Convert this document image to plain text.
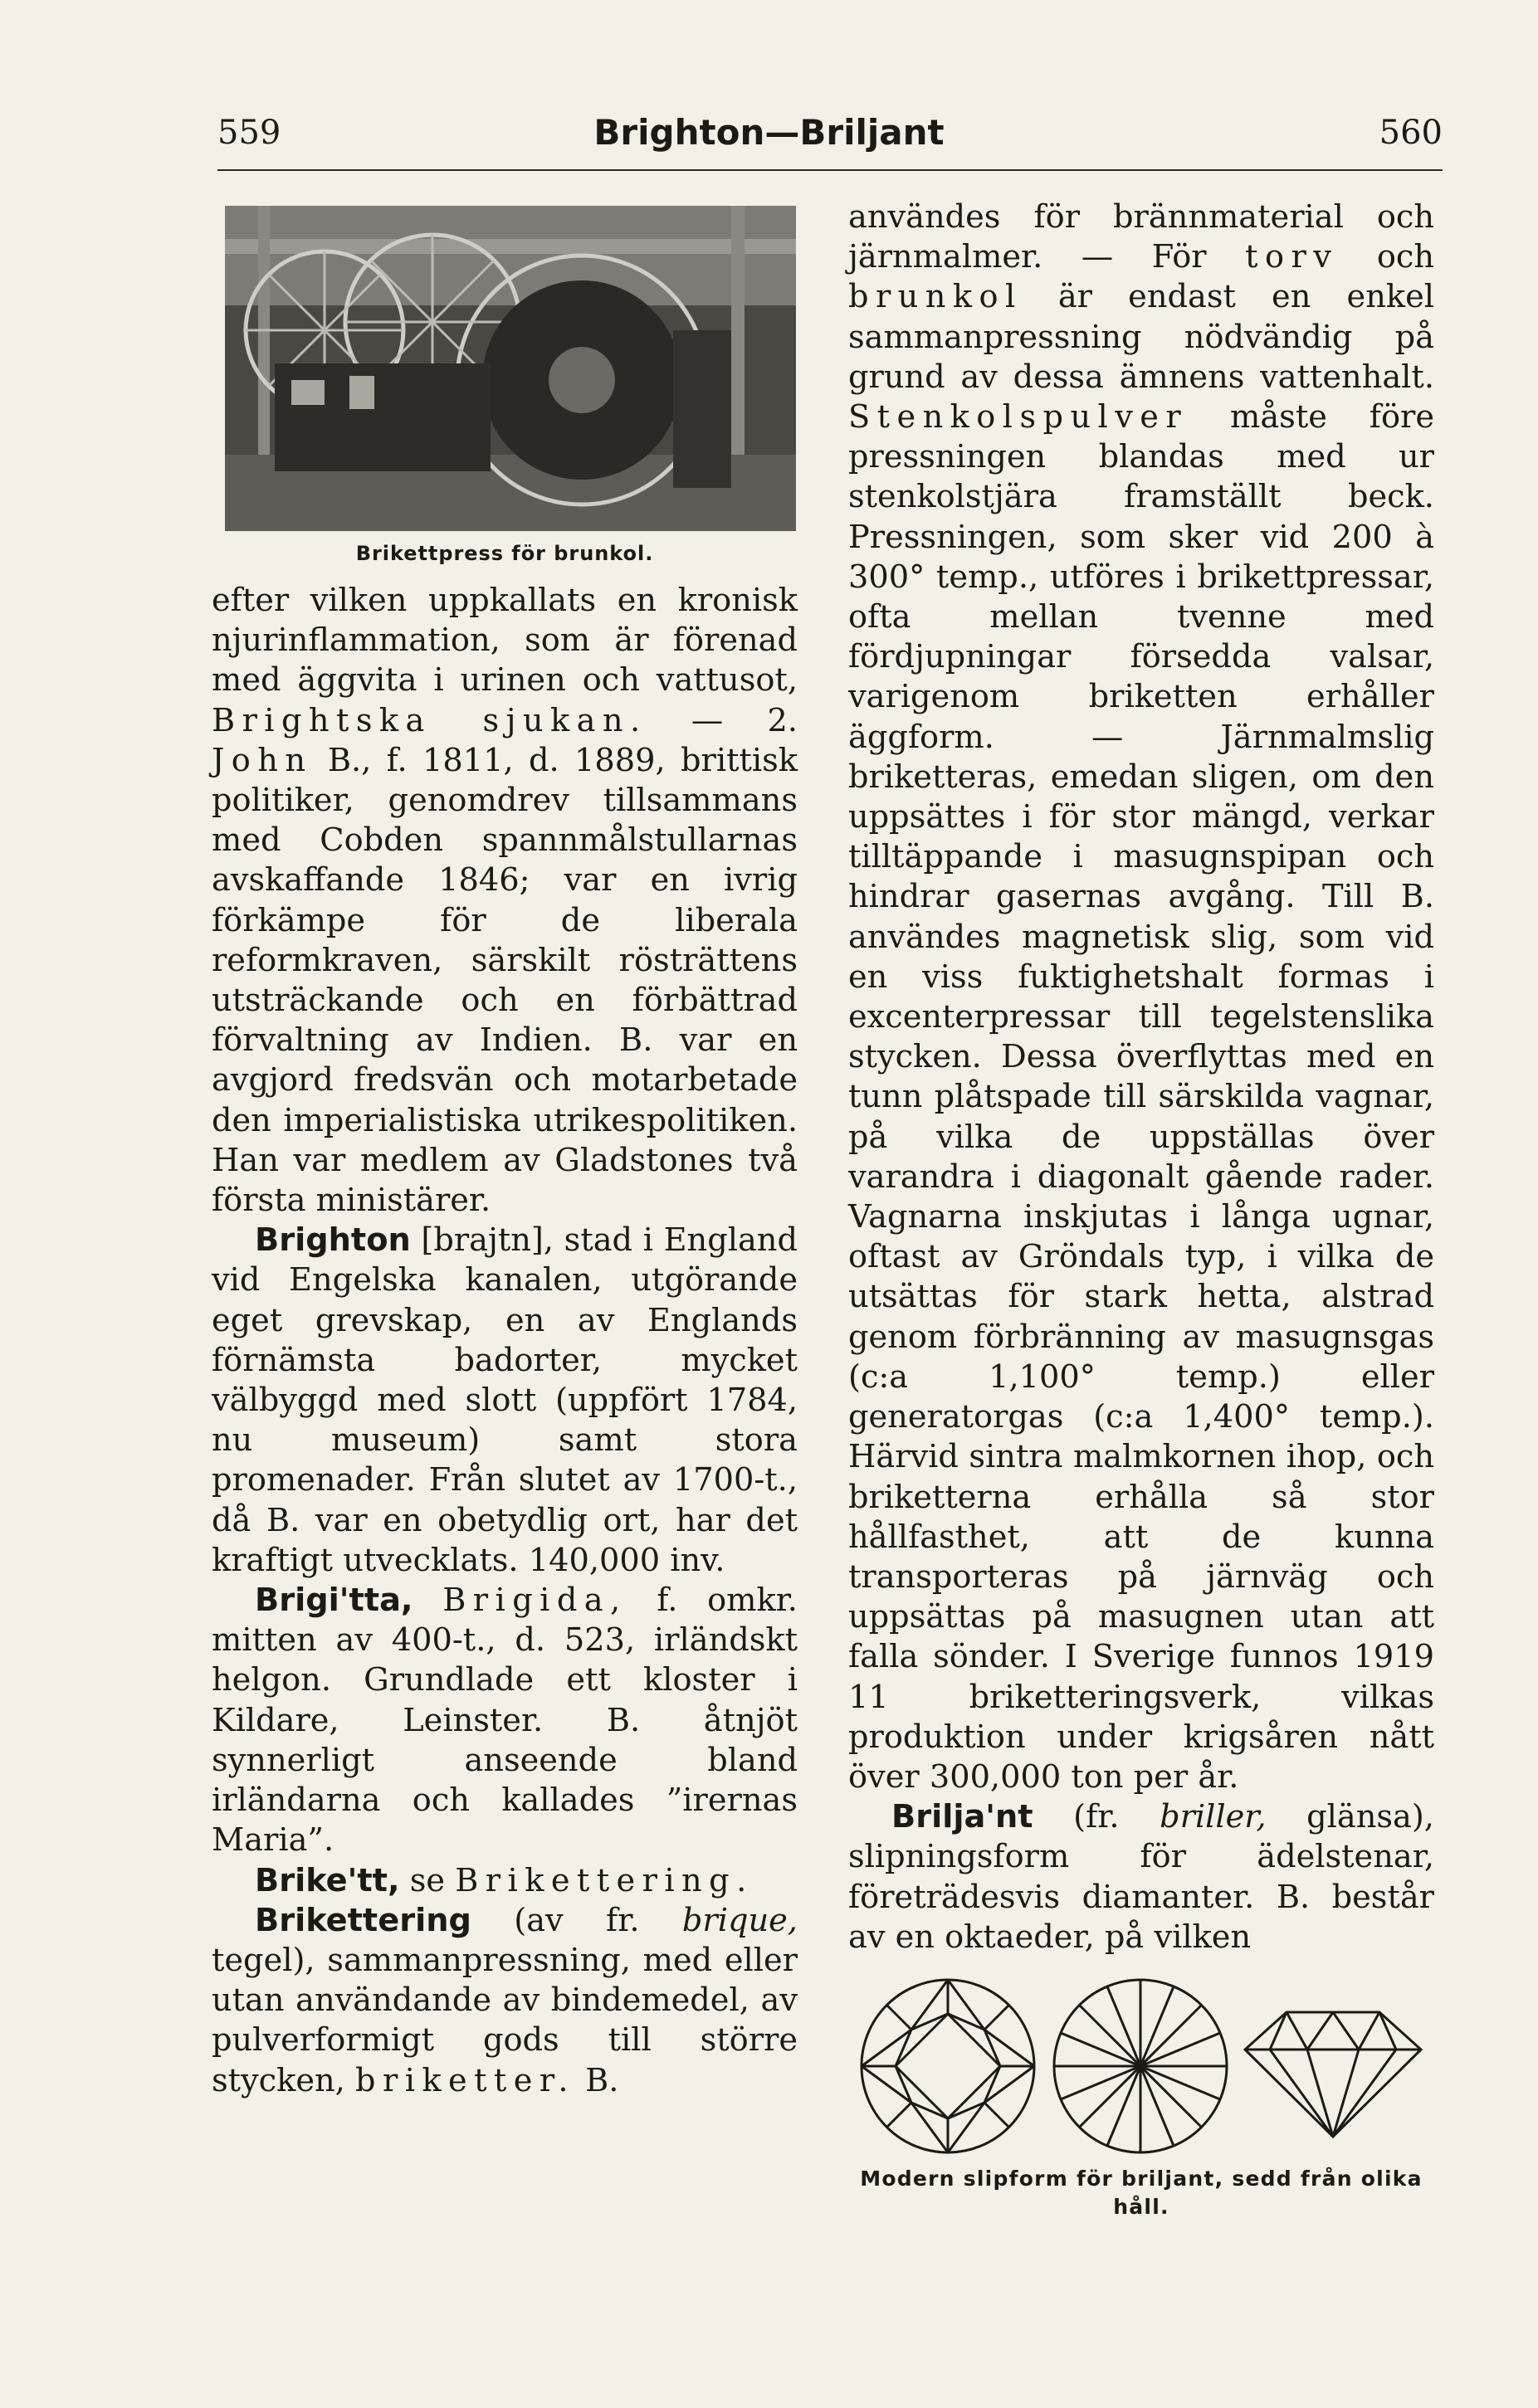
559	Brighton—Briljant	560
Brikettpress för brunkol.

efter vilken uppkallats en kronisk njurinflammation, som är förenad med äggvita i urinen och vattusot, Brightska sjukan. — 2. John B., f. 1811, d. 1889, brittisk politiker, genomdrev tillsammans med Cobden spannmålstullarnas avskaffande 1846; var en ivrig förkämpe för de liberala reformkraven, särskilt rösträttens utsträckande och en förbättrad förvaltning av Indien. B. var en avgjord fredsvän och motarbetade den imperialistiska utrikespolitiken. Han var medlem av Gladstones två första ministärer.

Brighton [brajtn], stad i England vid Engelska kanalen, utgörande eget grevskap, en av Englands förnämsta badorter, mycket välbyggd med slott (uppfört 1784, nu museum) samt stora promenader. Från slutet av 1700-t., då B. var en obetydlig ort, har det kraftigt utvecklats. 140,000 inv.

Brigi'tta, Brigida, f. omkr. mitten av 400-t., d. 523, irländskt helgon. Grundlade ett kloster i Kildare, Leinster. B. åtnjöt synnerligt anseende bland irländarna och kallades ”irernas Maria”.

Brike'tt, se Brikettering.

Brikettering (av fr. brique, tegel), sammanpressning, med eller utan användande av bindemedel, av pulverformigt gods till större stycken, briketter. B.

användes för brännmaterial och järnmalmer. — För torv och brunkol är endast en enkel sammanpressning nödvändig på grund av dessa ämnens vattenhalt. Stenkolspulver måste före pressningen blandas med ur stenkolstjära framställt beck. Pressningen, som sker vid 200 à 300° temp., utföres i brikettpressar, ofta mellan tvenne med fördjupningar försedda valsar, varigenom briketten erhåller äggform. — Järnmalmslig briketteras, emedan sligen, om den uppsättes i för stor mängd, verkar tilltäppande i masugnspipan och hindrar gasernas avgång. Till B. användes magnetisk slig, som vid en viss fuktighetshalt formas i excenterpressar till tegelstenslika stycken. Dessa överflyttas med en tunn plåtspade till särskilda vagnar, på vilka de uppställas över varandra i diagonalt gående rader. Vagnarna inskjutas i långa ugnar, oftast av Gröndals typ, i vilka de utsättas för stark hetta, alstrad genom förbränning av masugnsgas (c:a 1,100° temp.) eller generatorgas (c:a 1,400° temp.). Härvid sintra malmkornen ihop, och briketterna erhålla så stor hållfasthet, att de kunna transporteras på järnväg och uppsättas på masugnen utan att falla sönder. I Sverige funnos 1919 11 briketteringsverk, vilkas produktion under krigsåren nått över 300,000 ton per år.

Brilja'nt (fr. briller, glänsa), slipningsform för ädelstenar, företrädesvis diamanter. B. består av en oktaeder, på vilken

Modern slipform för briljant, sedd från olika håll.
